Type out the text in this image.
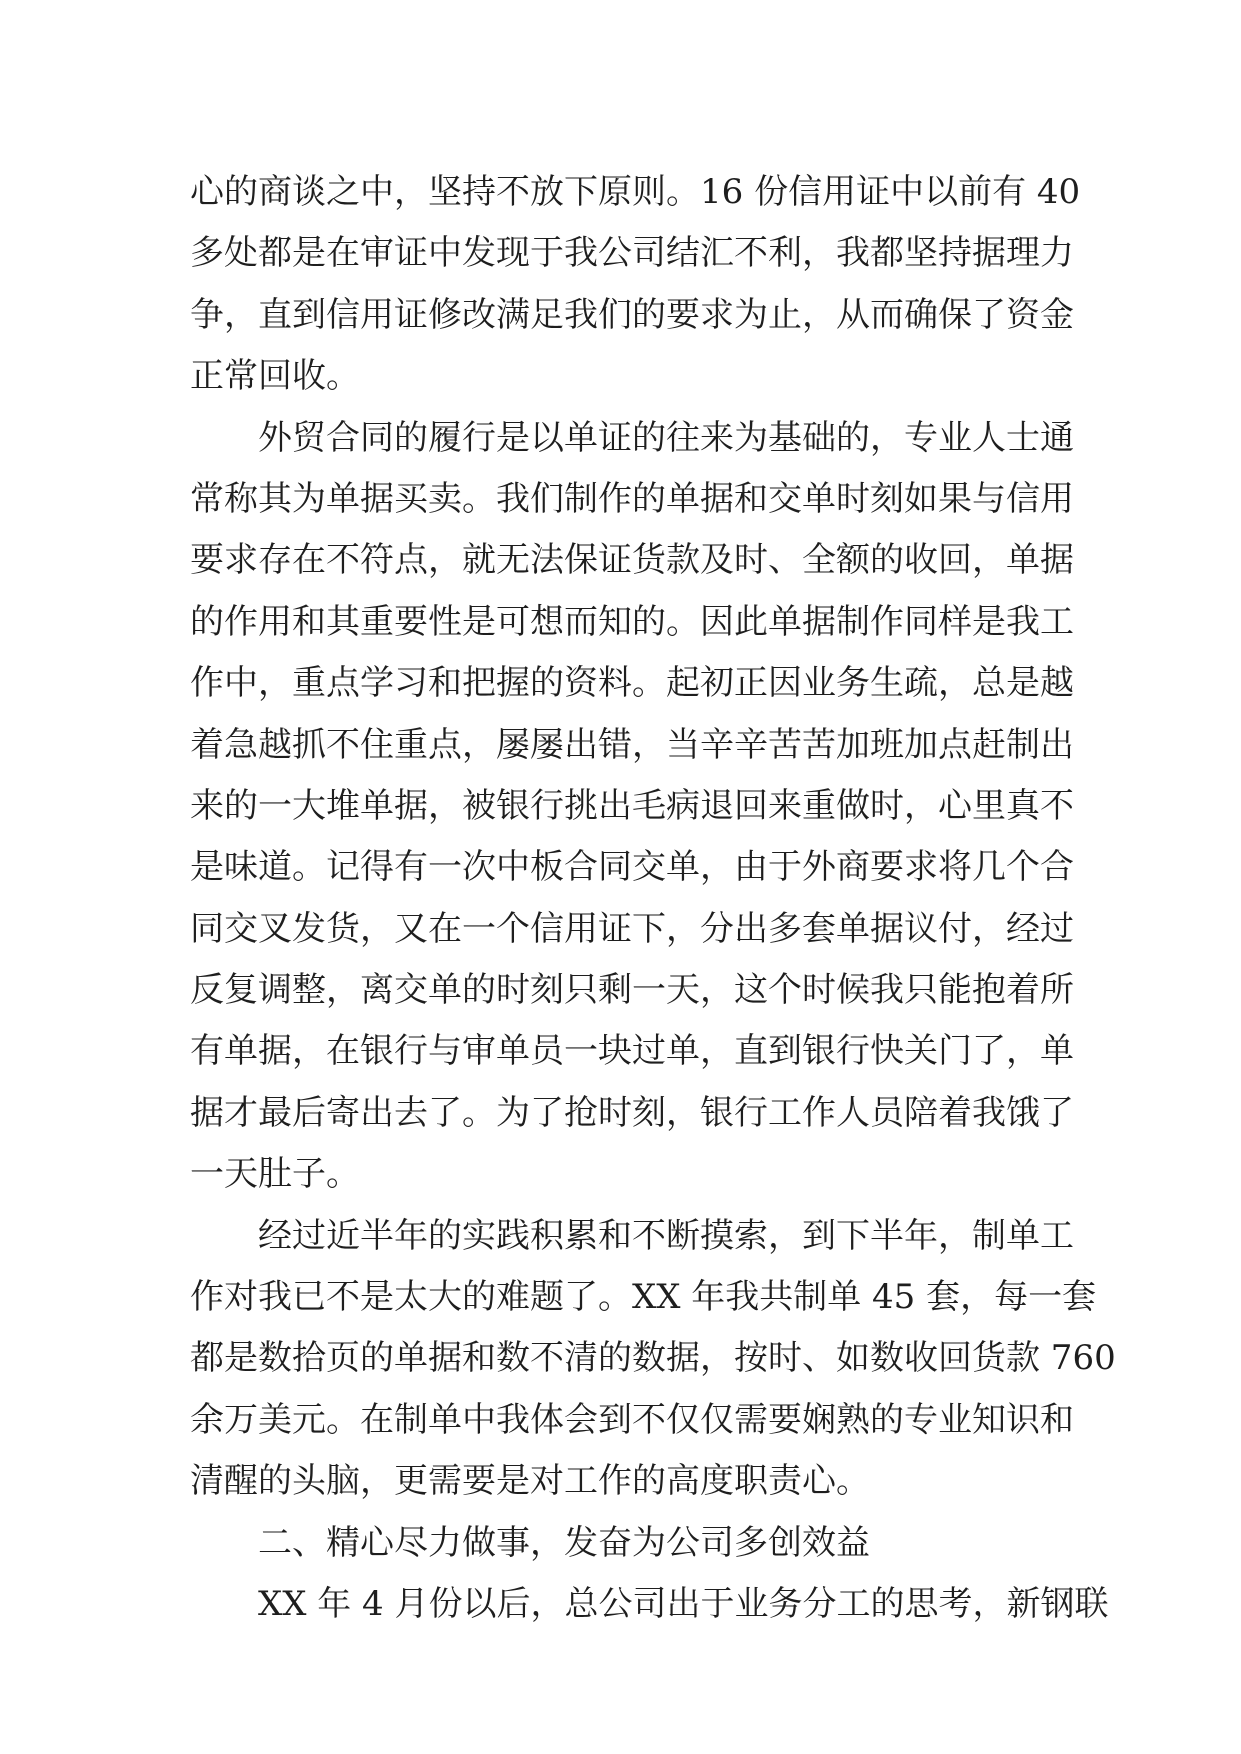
心的商谈之中，坚持不放下原则。16 份信用证中以前有 40
多处都是在审证中发现于我公司结汇不利，我都坚持据理力
争，直到信用证修改满足我们的要求为止，从而确保了资金
正常回收。
外贸合同的履行是以单证的往来为基础的，专业人士通
常称其为单据买卖。我们制作的单据和交单时刻如果与信用
要求存在不符点，就无法保证货款及时、全额的收回，单据
的作用和其重要性是可想而知的。因此单据制作同样是我工
作中，重点学习和把握的资料。起初正因业务生疏，总是越
着急越抓不住重点，屡屡出错，当辛辛苦苦加班加点赶制出
来的一大堆单据，被银行挑出毛病退回来重做时，心里真不
是味道。记得有一次中板合同交单，由于外商要求将几个合
同交叉发货，又在一个信用证下，分出多套单据议付，经过
反复调整，离交单的时刻只剩一天，这个时候我只能抱着所
有单据，在银行与审单员一块过单，直到银行快关门了，单
据才最后寄出去了。为了抢时刻，银行工作人员陪着我饿了
一天肚子。
经过近半年的实践积累和不断摸索，到下半年，制单工
作对我已不是太大的难题了。XX 年我共制单 45 套，每一套
都是数拾页的单据和数不清的数据，按时、如数收回货款 760
余万美元。在制单中我体会到不仅仅需要娴熟的专业知识和
清醒的头脑，更需要是对工作的高度职责心。
二、精心尽力做事，发奋为公司多创效益
XX 年 4 月份以后，总公司出于业务分工的思考，新钢联
